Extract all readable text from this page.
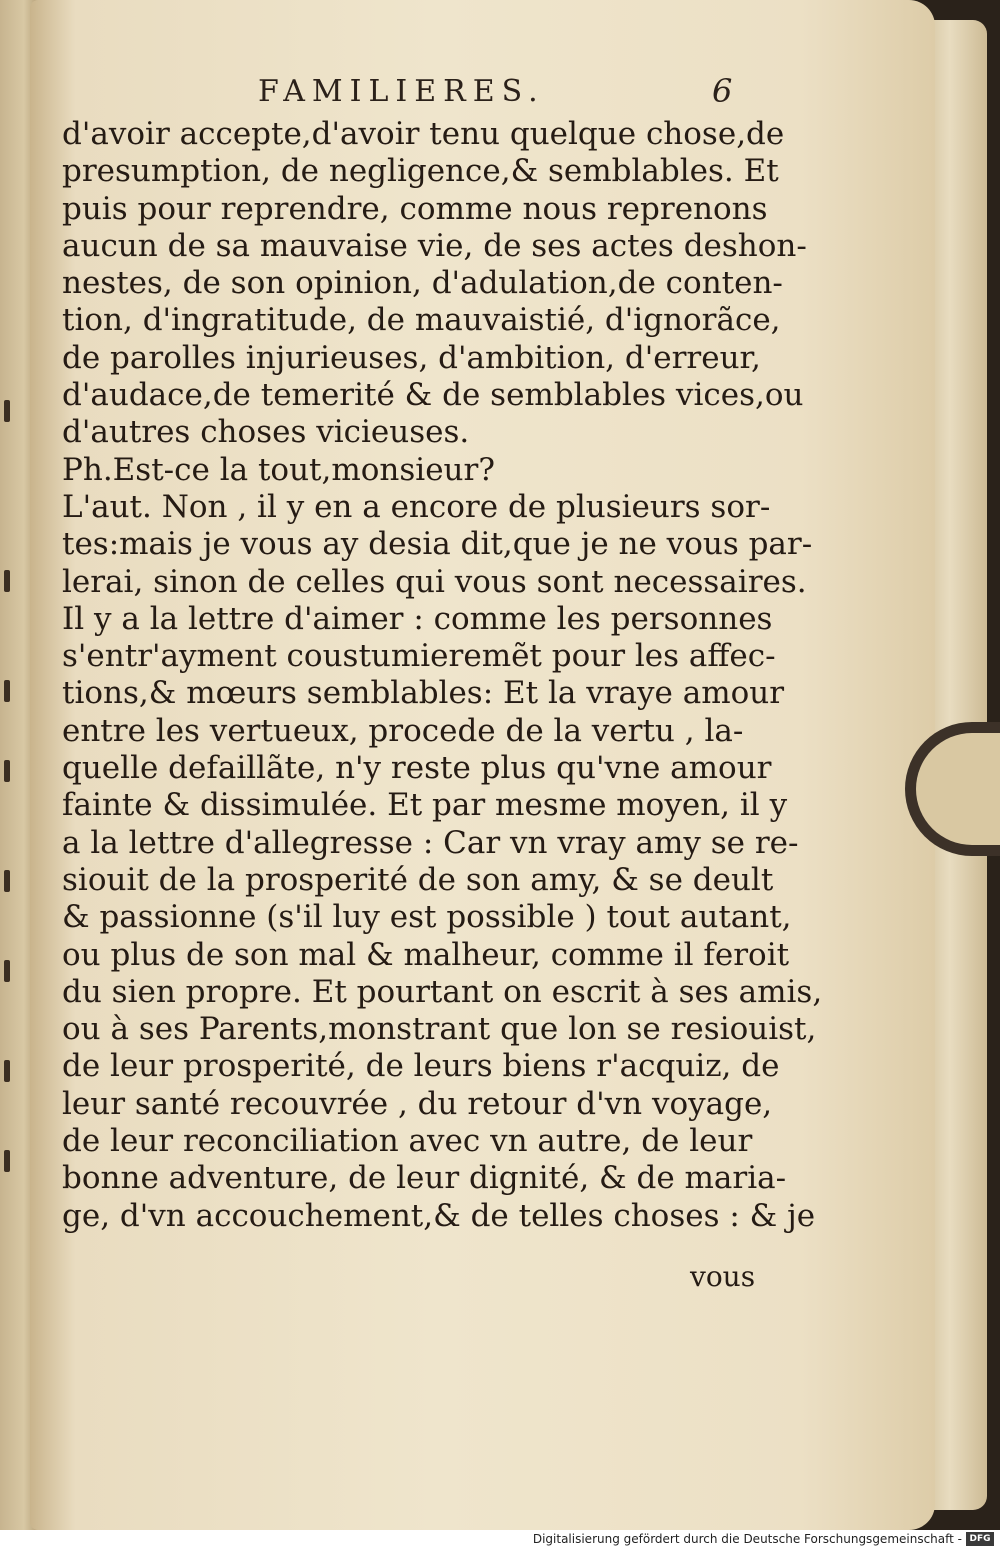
FAMILIERES.	6
d'avoir accepte,d'avoir tenu quelque chose,de
presumption, de negligence,& semblables. Et
puis pour reprendre, comme nous reprenons
aucun de sa mauvaise vie, de ses actes deshon-
nestes, de son opinion, d'adulation,de conten-
tion, d'ingratitude, de mauvaistié, d'ignorãce,
de parolles injurieuses, d'ambition, d'erreur,
d'audace,de temerité & de semblables vices,ou
d'autres choses vicieuses.
Ph.Est-ce la tout,monsieur?
L'aut. Non , il y en a encore de plusieurs sor-
tes:mais je vous ay desia dit,que je ne vous par-
lerai, sinon de celles qui vous sont necessaires.
Il y a la lettre d'aimer : comme les personnes
s'entr'ayment coustumieremẽt pour les affec-
tions,& mœurs semblables: Et la vraye amour
entre les vertueux, procede de la vertu , la-
quelle defaillãte, n'y reste plus qu'vne amour
fainte & dissimulée. Et par mesme moyen, il y
a la lettre d'allegresse : Car vn vray amy se re-
siouit de la prosperité de son amy, & se deult
& passionne (s'il luy est possible ) tout autant,
ou plus de son mal & malheur, comme il feroit
du sien propre. Et pourtant on escrit à ses amis,
ou à ses Parents,monstrant que lon se resiouist,
de leur prosperité, de leurs biens r'acquiz, de
leur santé recouvrée , du retour d'vn voyage,
de leur reconciliation avec vn autre, de leur
bonne adventure, de leur dignité, & de maria-
ge, d'vn accouchement,& de telles choses : & je
vous
Digitalisierung gefördert durch die Deutsche Forschungsgemeinschaft - DFG
